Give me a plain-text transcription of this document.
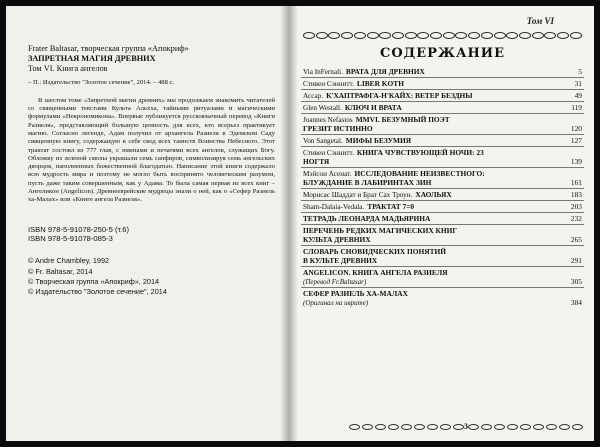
Frater Baltasar, творческая группа «Апокриф»
ЗАПРЕТНАЯ МАГИЯ ДРЕВНИХ
Том VI. Книга ангелов
– П.: Издательство "Золотое сечение", 2014. – 488 с.
В шестом томе «Запретной магии древних» мы продолжаем знакомить читателей со священными текстами Культа Альхха, тайными ритуалами и магическими формулами «Некрономикона». Впервые публикуется русскоязычный перевод «Книги Разиеля», представляющий большую ценность для всех, кто всерьез практикует магию. Согласно легенде, Адам получил от архангела Разиеля в Эдемском Саду священную книгу, содержащую в себе свод всех таинств Воинства Небесного. Этот трактат состоял из 777 глав, с именами и печатями всех ангелов, служащих Богу. Обложку из зеленой смолы украшали семь сапфиров, символизируя семь ангельских дворцов, наполненных божественной благодатью. Написание этой книги содержало всю мудрость мира и поэтому не могло быть воспринято человеческим разумом, пусть даже таким совершенным, как у Адама. То была самая первая из всех книг – Ангеликон (Angelicon). Древнееврейские мудрецы знали о ней, как о «Сефер Разиель ха-Малах» или «Книге ангела Разиеля».
ISBN 978-5-91078-250-5 (т.6)
ISBN 978-5-91078-085-3
© Andre Chambley, 1992
© Fr. Baltasar, 2014
© Творческая группа «Апокриф», 2014
© Издательство "Золотое сечение", 2014
Том VI
СОДЕРЖАНИЕ
Via InFernali. ВРАТА ДЛЯ ДРЕВНИХ	5
Стивен Сэннитт. LIBER KOTH	31
Ассар. К'ХАПТРАФГА-Н'КАЙХ: ВЕТЕР БЕЗДНЫ	49
Glen Westall. КЛЮЧ И ВРАТА	119
Joannes Nefastos MMVI. БЕЗУМНЫЙ ПОЭТ
ГРЕЗИТ ИСТИННО	120
Von Sangetal. МИФЫ БЕЗУМИЯ	127
Стивен Сэннитт. КНИГА ЧУВСТВУЮЩЕЙ НОЧИ: 23
НОГТЯ	139
Мэйсон Асенат. ИССЛЕДОВАНИЕ НЕИЗВЕСТНОГО:
БЛУЖДАНИЕ В ЛАБИРИНТАХ ЗИН	161
Морисас Шаддат и Брат Сах Троун. ХАОЛЬЯХ	183
Sham-Dalaia-Vedala. ТРАКТАТ 7=0	203
ТЕТРАДЬ ЛЕОНАРДА МАДЬЯРИНА	232
ПЕРЕЧЕНЬ РЕДКИХ МАГИЧЕСКИХ КНИГ
КУЛЬТА ДРЕВНИХ	265
СЛОВАРЬ СНОВИДЧЕСКИХ ПОНЯТИЙ
В КУЛЬТЕ ДРЕВНИХ	291
ANGELICON. КНИГА АНГЕЛА РАЗИЕЛЯ
(Перевод Fr.Baltasar)	305
СЕФЕР РАЗИЕЛЬ ХА-МАЛАХ
(Оригинал на иврите)	384
3
